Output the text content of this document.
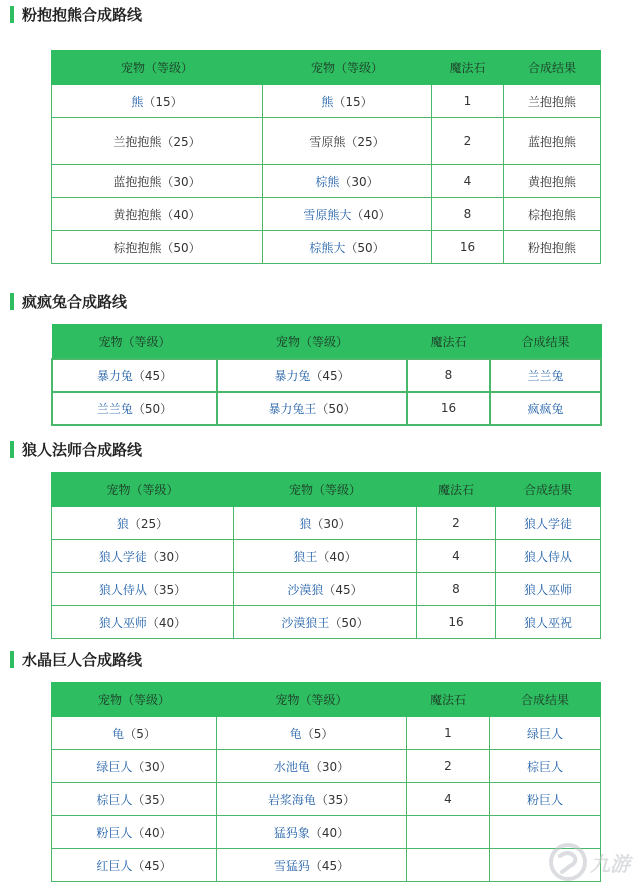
粉抱抱熊合成路线
宠物（等级）	宠物（等级）	魔法石	合成结果
熊（15）	熊（15）	1	兰抱抱熊
兰抱抱熊（25）	雪原熊（25）	2	蓝抱抱熊
蓝抱抱熊（30）	棕熊（30）	4	黄抱抱熊
黄抱抱熊（40）	雪原熊大（40）	8	棕抱抱熊
棕抱抱熊（50）	棕熊大（50）	16	粉抱抱熊
疯疯兔合成路线
宠物（等级）	宠物（等级）	魔法石	合成结果
暴力兔（45）	暴力兔（45）	8	兰兰兔
兰兰兔（50）	暴力兔王（50）	16	疯疯兔
狼人法师合成路线
宠物（等级）	宠物（等级）	魔法石	合成结果
狼（25）	狼（30）	2	狼人学徒
狼人学徒（30）	狼王（40）	4	狼人侍从
狼人侍从（35）	沙漠狼（45）	8	狼人巫师
狼人巫师（40）	沙漠狼王（50）	16	狼人巫祝
水晶巨人合成路线
宠物（等级）	宠物（等级）	魔法石	合成结果
龟（5）	龟（5）	1	绿巨人
绿巨人（30）	水池龟（30）	2	棕巨人
棕巨人（35）	岩浆海龟（35）	4	粉巨人
粉巨人（40）	猛犸象（40）		
红巨人（45）	雪猛犸（45）			九游
